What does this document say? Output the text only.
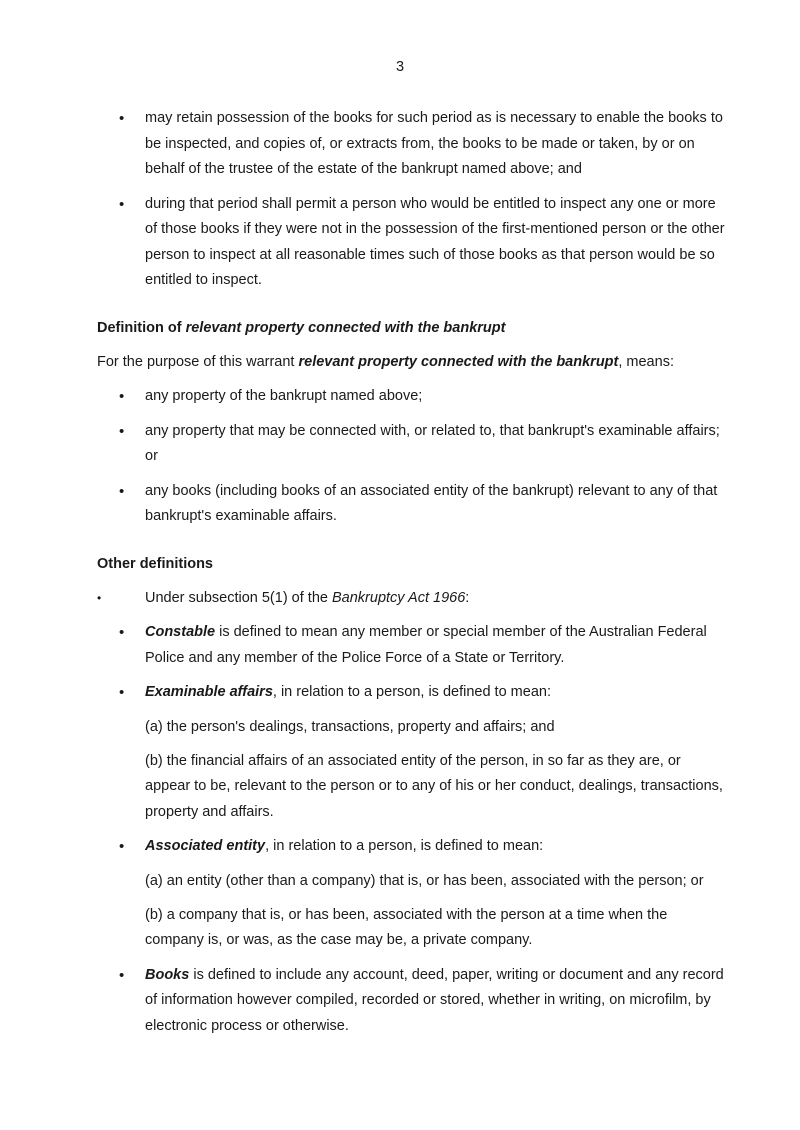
3
• may retain possession of the books for such period as is necessary to enable the books to be inspected, and copies of, or extracts from, the books to be made or taken, by or on behalf of the trustee of the estate of the bankrupt named above; and
• during that period shall permit a person who would be entitled to inspect any one or more of those books if they were not in the possession of the first-mentioned person or the other person to inspect at all reasonable times such of those books as that person would be so entitled to inspect.

Definition of relevant property connected with the bankrupt

For the purpose of this warrant relevant property connected with the bankrupt, means:

• any property of the bankrupt named above;
• any property that may be connected with, or related to, that bankrupt's examinable affairs; or
• any books (including books of an associated entity of the bankrupt) relevant to any of that bankrupt's examinable affairs.

Other definitions

•	Under subsection 5(1) of the Bankruptcy Act 1966:
• Constable is defined to mean any member or special member of the Australian Federal Police and any member of the Police Force of a State or Territory.
• Examinable affairs, in relation to a person, is defined to mean:

(a) the person's dealings, transactions, property and affairs; and

(b) the financial affairs of an associated entity of the person, in so far as they are, or appear to be, relevant to the person or to any of his or her conduct, dealings, transactions, property and affairs.

• Associated entity, in relation to a person, is defined to mean:

(a) an entity (other than a company) that is, or has been, associated with the person; or

(b) a company that is, or has been, associated with the person at a time when the company is, or was, as the case may be, a private company.

• Books is defined to include any account, deed, paper, writing or document and any record of information however compiled, recorded or stored, whether in writing, on microfilm, by electronic process or otherwise.
